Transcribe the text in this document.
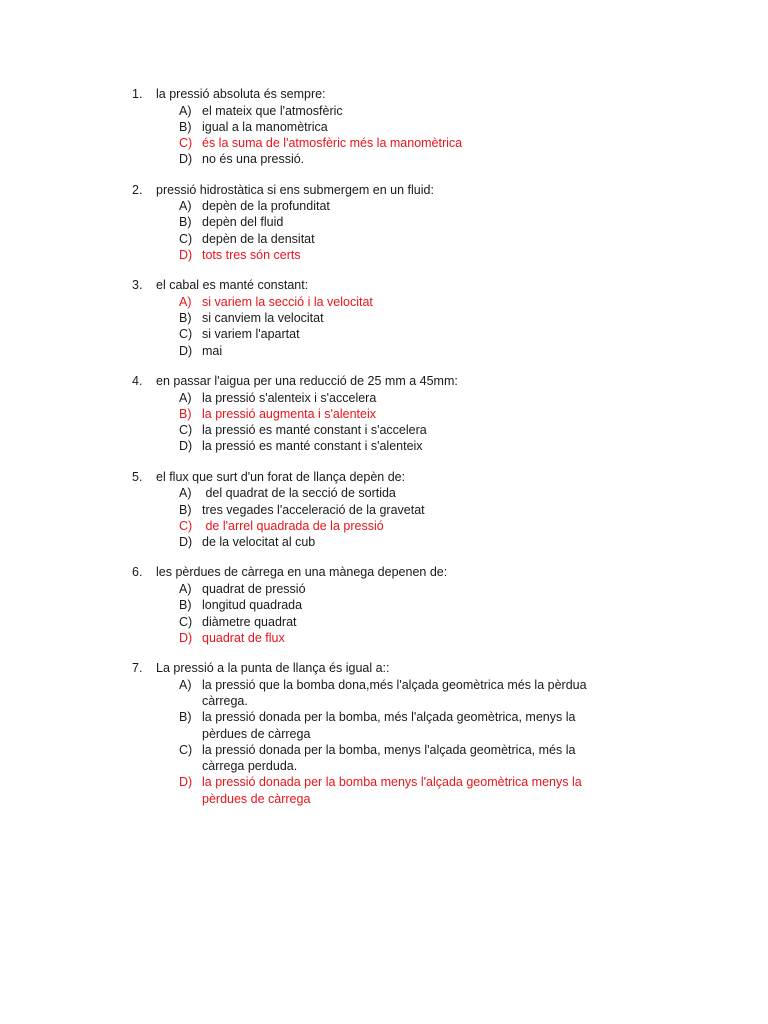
1.	la pressió absoluta és sempre:
A) el mateix que l'atmosfèric
B) igual a la manomètrica
C) és la suma de l'atmosfèric més la manomètrica
D) no és una pressió.
2.	pressió hidrostàtica si ens submergem en un fluid:
A) depèn de la profunditat
B) depèn del fluid
C) depèn de la densitat
D) tots tres són certs
3.	el cabal es manté constant:
A) si variem la secció i la velocitat
B) si canviem la velocitat
C) si variem l'apartat
D) mai
4.	en passar l'aigua per una reducció de 25 mm a 45mm:
A) la pressió s'alenteix i s'accelera
B) la pressió augmenta i s'alenteix
C) la pressió es manté constant i s'accelera
D) la pressió es manté constant i s'alenteix
5.	el flux que surt d'un forat de llança depèn de:
A) del quadrat de la secció de sortida
B) tres vegades l'acceleració de la gravetat
C) de l'arrel quadrada de la pressió
D) de la velocitat al cub
6.	les pèrdues de càrrega en una mànega depenen de:
A) quadrat de pressió
B) longitud quadrada
C) diàmetre quadrat
D) quadrat de flux
7.	La pressió a la punta de llança és igual a::
A) la pressió que la bomba dona,més l'alçada geomètrica més la pèrdua càrrega.
B) la pressió donada per la bomba, més l'alçada geomètrica, menys la pèrdues de càrrega
C) la pressió donada per la bomba, menys l'alçada geomètrica, més la càrrega perduda.
D) la pressió donada per la bomba menys l'alçada geomètrica menys la pèrdues de càrrega
